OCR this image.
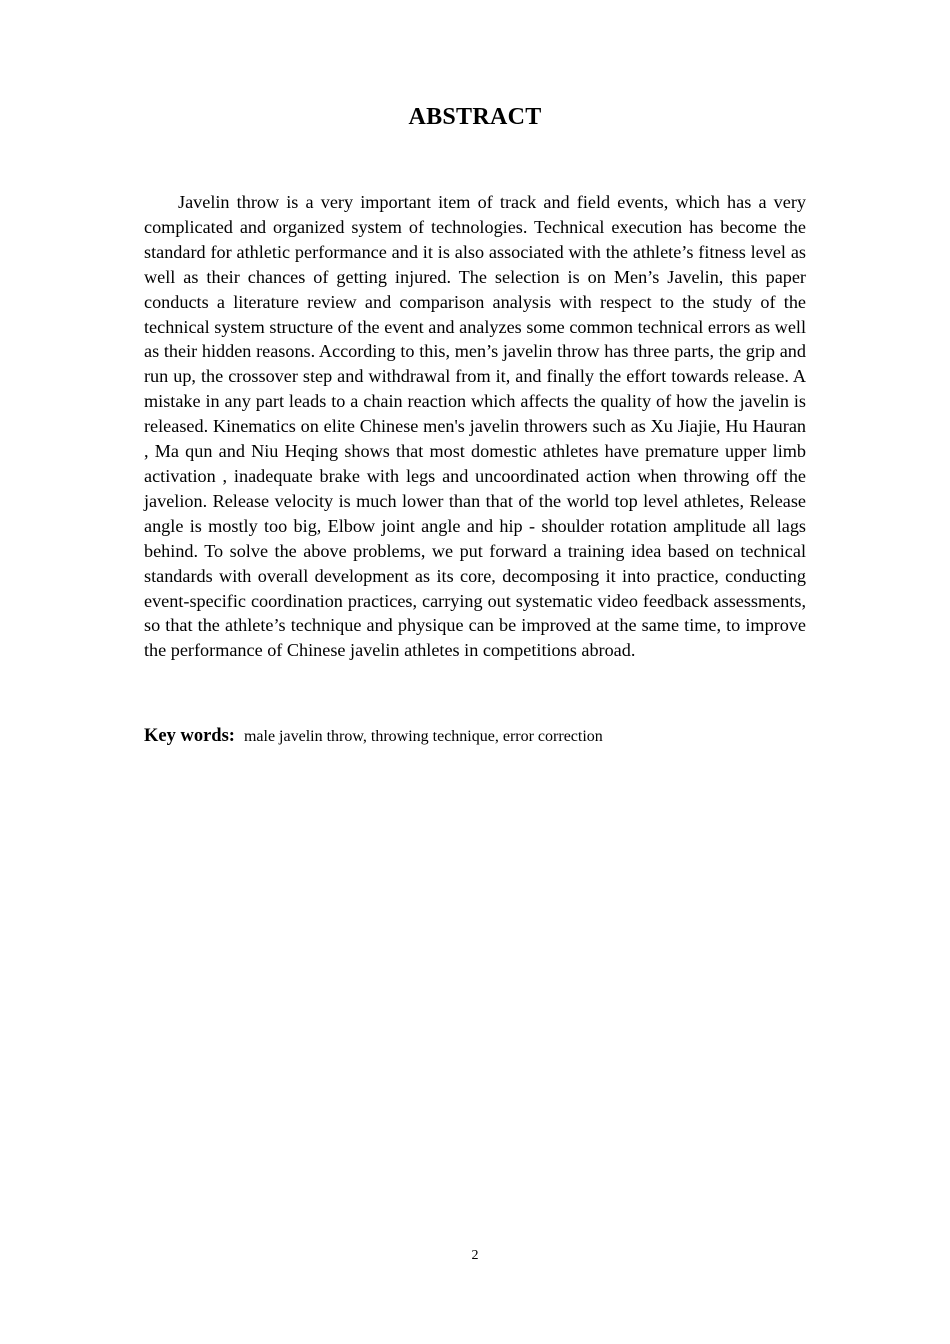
ABSTRACT

Javelin throw is a very important item of track and field events, which has a very complicated and organized system of technologies. Technical execution has become the standard for athletic performance and it is also associated with the athlete’s fitness level as well as their chances of getting injured. The selection is on Men’s Javelin, this paper conducts a literature review and comparison analysis with respect to the study of the technical system structure of the event and analyzes some common technical errors as well as their hidden reasons. According to this, men’s javelin throw has three parts, the grip and run up, the crossover step and withdrawal from it, and finally the effort towards release. A mistake in any part leads to a chain reaction which affects the quality of how the javelin is released. Kinematics on elite Chinese men's javelin throwers such as Xu Jiajie, Hu Hauran , Ma qun and Niu Heqing shows that most domestic athletes have premature upper limb activation , inadequate brake with legs and uncoordinated action when throwing off the javelion. Release velocity is much lower than that of the world top level athletes, Release angle is mostly too big, Elbow joint angle and hip - shoulder rotation amplitude all lags behind. To solve the above problems, we put forward a training idea based on technical standards with overall development as its core, decomposing it into practice, conducting event-specific coordination practices, carrying out systematic video feedback assessments, so that the athlete’s technique and physique can be improved at the same time, to improve the performance of Chinese javelin athletes in competitions abroad.

Key words: male javelin throw, throwing technique, error correction
2
